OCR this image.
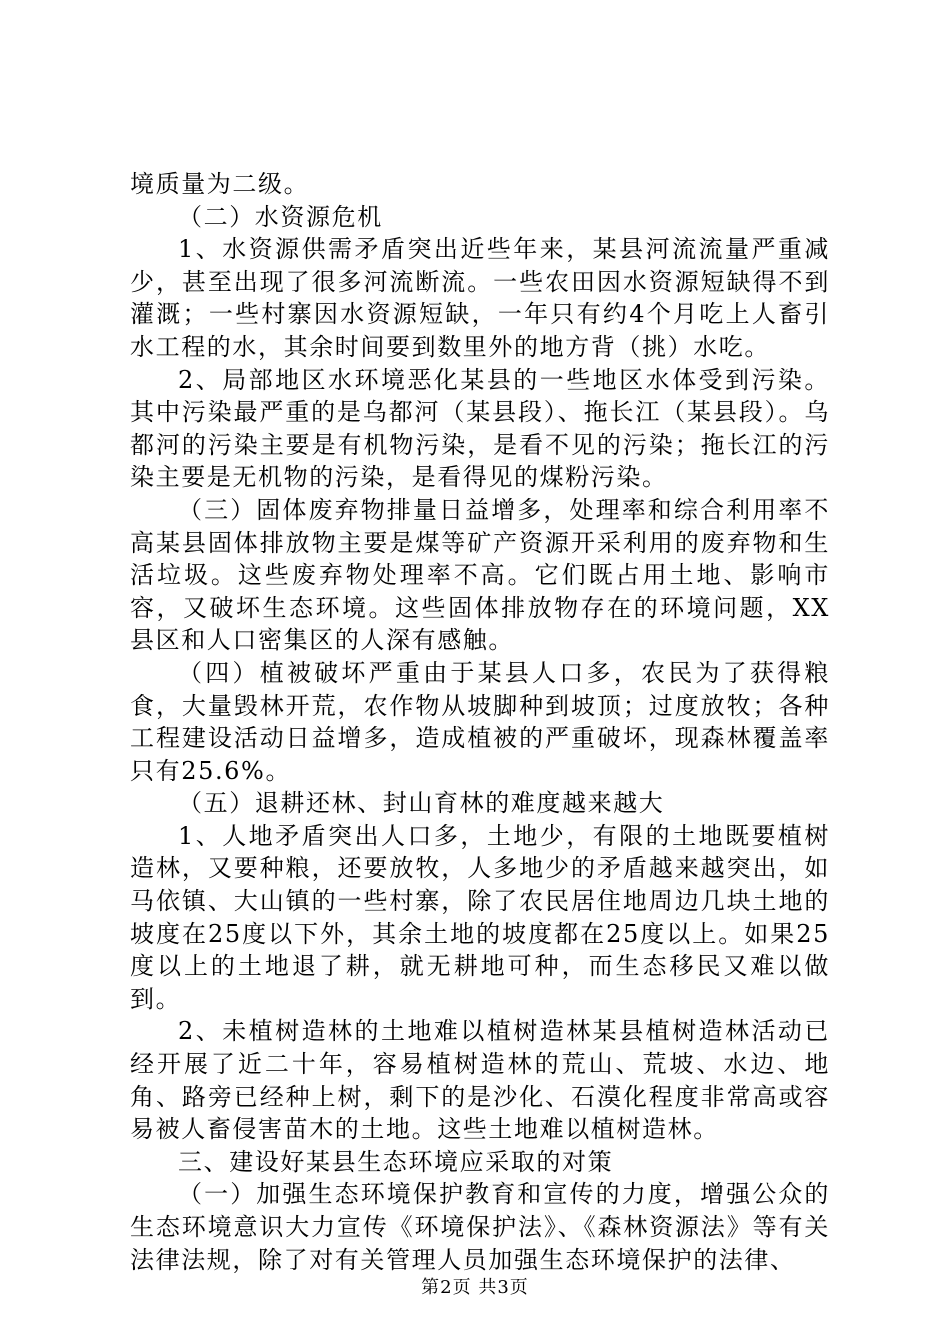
境质量为二级。

（二）水资源危机

1、水资源供需矛盾突出近些年来，某县河流流量严重减少，甚至出现了很多河流断流。一些农田因水资源短缺得不到灌溉；一些村寨因水资源短缺，一年只有约4个月吃上人畜引水工程的水，其余时间要到数里外的地方背（挑）水吃。

2、局部地区水环境恶化某县的一些地区水体受到污染。其中污染最严重的是乌都河（某县段）、拖长江（某县段）。乌都河的污染主要是有机物污染，是看不见的污染；拖长江的污染主要是无机物的污染，是看得见的煤粉污染。

（三）固体废弃物排量日益增多，处理率和综合利用率不高某县固体排放物主要是煤等矿产资源开采利用的废弃物和生活垃圾。这些废弃物处理率不高。它们既占用土地、影响市容，又破坏生态环境。这些固体排放物存在的环境问题，XX县区和人口密集区的人深有感触。

（四）植被破坏严重由于某县人口多，农民为了获得粮食，大量毁林开荒，农作物从坡脚种到坡顶；过度放牧；各种工程建设活动日益增多，造成植被的严重破坏，现森林覆盖率只有25.6%。

（五）退耕还林、封山育林的难度越来越大

1、人地矛盾突出人口多，土地少，有限的土地既要植树造林，又要种粮，还要放牧，人多地少的矛盾越来越突出，如马依镇、大山镇的一些村寨，除了农民居住地周边几块土地的坡度在25度以下外，其余土地的坡度都在25度以上。如果25度以上的土地退了耕，就无耕地可种，而生态移民又难以做到。

2、未植树造林的土地难以植树造林某县植树造林活动已经开展了近二十年，容易植树造林的荒山、荒坡、水边、地角、路旁已经种上树，剩下的是沙化、石漠化程度非常高或容易被人畜侵害苗木的土地。这些土地难以植树造林。

三、建设好某县生态环境应采取的对策

（一）加强生态环境保护教育和宣传的力度，增强公众的生态环境意识大力宣传《环境保护法》、《森林资源法》等有关法律法规，除了对有关管理人员加强生态环境保护的法律、

第2页 共3页
